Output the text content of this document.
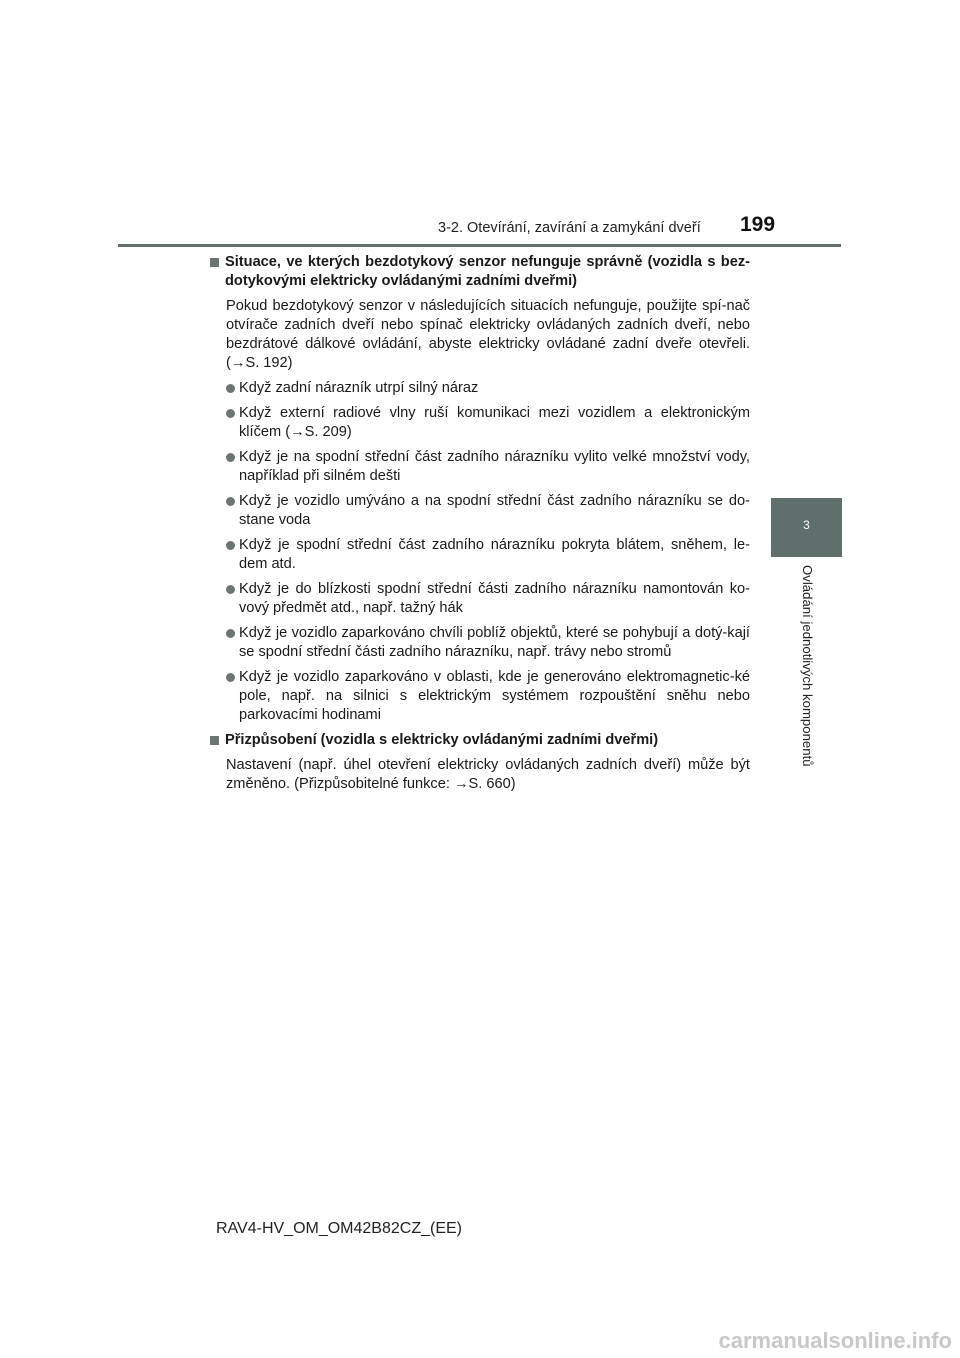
3-2. Otevírání, zavírání a zamykání dveří 199
3
Ovládání jednotlivých komponentů
Situace, ve kterých bezdotykový senzor nefunguje správně (vozidla s bez-dotykovými elektricky ovládanými zadními dveřmi)
Pokud bezdotykový senzor v následujících situacích nefunguje, použijte spí-nač otvírače zadních dveří nebo spínač elektricky ovládaných zadních dveří, nebo bezdrátové dálkové ovládání, abyste elektricky ovládané zadní dveře otevřeli. (→S. 192)
Když zadní nárazník utrpí silný náraz
Když externí radiové vlny ruší komunikaci mezi vozidlem a elektronickým klíčem (→S. 209)
Když je na spodní střední část zadního nárazníku vylito velké množství vody, například při silném dešti
Když je vozidlo umýváno a na spodní střední část zadního nárazníku se do-stane voda
Když je spodní střední část zadního nárazníku pokryta blátem, sněhem, le-dem atd.
Když je do blízkosti spodní střední části zadního nárazníku namontován ko-vový předmět atd., např. tažný hák
Když je vozidlo zaparkováno chvíli poblíž objektů, které se pohybují a dotý-kají se spodní střední části zadního nárazníku, např. trávy nebo stromů
Když je vozidlo zaparkováno v oblasti, kde je generováno elektromagnetic-ké pole, např. na silnici s elektrickým systémem rozpouštění sněhu nebo parkovacími hodinami
Přizpůsobení (vozidla s elektricky ovládanými zadními dveřmi)
Nastavení (např. úhel otevření elektricky ovládaných zadních dveří) může být změněno. (Přizpůsobitelné funkce: →S. 660)
RAV4-HV_OM_OM42B82CZ_(EE)
carmanualsonline.info
